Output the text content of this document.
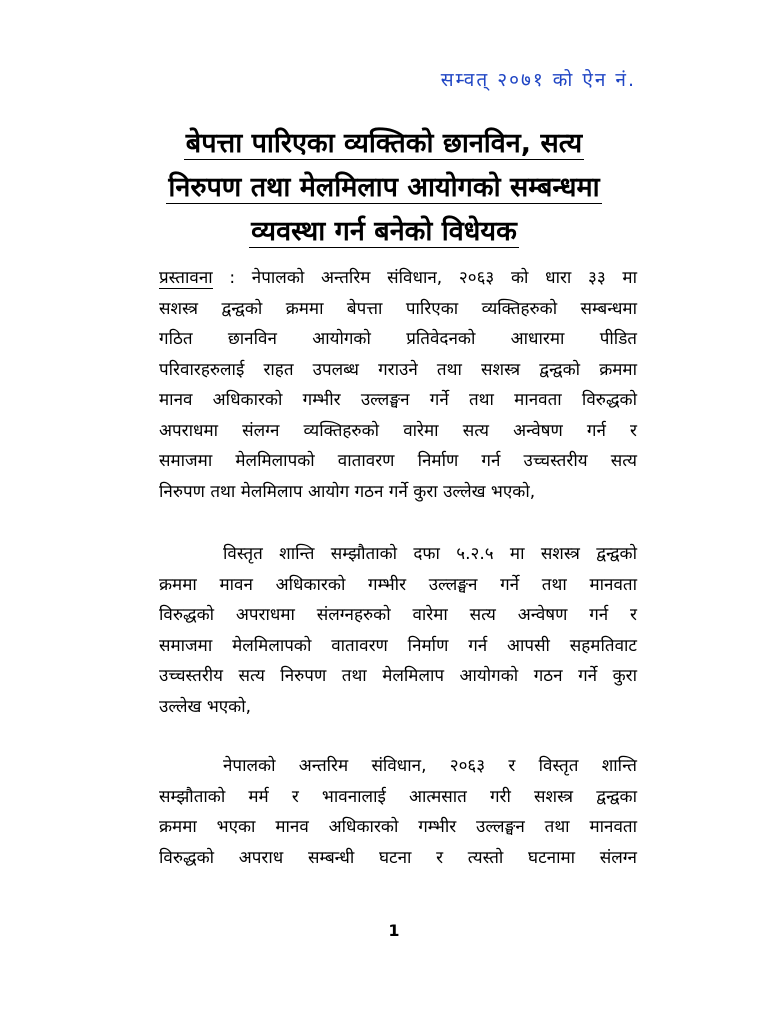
सम्वत् २०७१ को ऐन नं.
बेपत्ता पारिएका व्यक्तिको छानविन, सत्य
निरुपण तथा मेलमिलाप आयोगको सम्बन्धमा
व्यवस्था गर्न बनेको विधेयक
प्रस्तावना : नेपालको अन्तरिम संविधान, २०६३ को धारा ३३ मा
सशस्त्र द्वन्द्वको क्रममा बेपत्ता पारिएका व्यक्तिहरुको सम्बन्धमा
गठित छानविन आयोगको प्रतिवेदनको आधारमा पीडित
परिवारहरुलाई राहत उपलब्ध गराउने तथा सशस्त्र द्वन्द्वको क्रममा
मानव अधिकारको गम्भीर उल्लङ्घन गर्ने तथा मानवता विरुद्धको
अपराधमा संलग्न व्यक्तिहरुको वारेमा सत्य अन्वेषण गर्न र
समाजमा मेलमिलापको वातावरण निर्माण गर्न उच्चस्तरीय सत्य
निरुपण तथा मेलमिलाप आयोग गठन गर्ने कुरा उल्लेख भएको,
विस्तृत शान्ति सम्झौताको दफा ५.२.५ मा सशस्त्र द्वन्द्वको
क्रममा मावन अधिकारको गम्भीर उल्लङ्घन गर्ने तथा मानवता
विरुद्धको अपराधमा संलग्नहरुको वारेमा सत्य अन्वेषण गर्न र
समाजमा मेलमिलापको वातावरण निर्माण गर्न आपसी सहमतिवाट
उच्चस्तरीय सत्य निरुपण तथा मेलमिलाप आयोगको गठन गर्ने कुरा
उल्लेख भएको,
नेपालको अन्तरिम संविधान, २०६३ र विस्तृत शान्ति
सम्झौताको मर्म र भावनालाई आत्मसात गरी सशस्त्र द्वन्द्वका
क्रममा भएका मानव अधिकारको गम्भीर उल्लङ्घन तथा मानवता
विरुद्धको अपराध सम्बन्धी घटना र त्यस्तो घटनामा संलग्न
1
